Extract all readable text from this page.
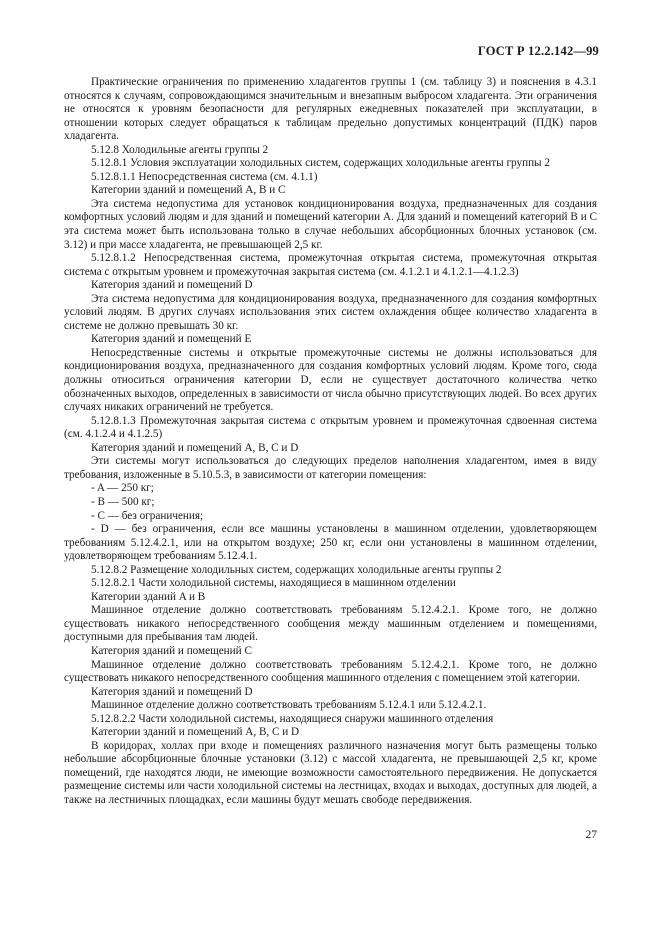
ГОСТ Р 12.2.142—99

Практические ограничения по применению хладагентов группы 1 (см. таблицу 3) и пояснения в 4.3.1 относятся к случаям, сопровождающимся значительным и внезапным выбросом хладагента. Эти ограничения не относятся к уровням безопасности для регулярных ежедневных показателей при эксплуатации, в отношении которых следует обращаться к таблицам предельно допустимых концентраций (ПДК) паров хладагента.

5.12.8 Холодильные агенты группы 2

5.12.8.1 Условия эксплуатации холодильных систем, содержащих холодильные агенты группы 2

5.12.8.1.1 Непосредственная система (см. 4.1.1)

Категории зданий и помещений A, B и C

Эта система недопустима для установок кондиционирования воздуха, предназначенных для создания комфортных условий людям и для зданий и помещений категории A. Для зданий и помещений категорий B и C эта система может быть использована только в случае небольших абсорбционных блочных установок (см. 3.12) и при массе хладагента, не превышающей 2,5 кг.

5.12.8.1.2 Непосредственная система, промежуточная открытая система, промежуточная открытая система с открытым уровнем и промежуточная закрытая система (см. 4.1.2.1 и 4.1.2.1—4.1.2.3)

Категория зданий и помещений D

Эта система недопустима для кондиционирования воздуха, предназначенного для создания комфортных условий людям. В других случаях использования этих систем охлаждения общее количество хладагента в системе не должно превышать 30 кг.

Категория зданий и помещений E

Непосредственные системы и открытые промежуточные системы не должны использоваться для кондиционирования воздуха, предназначенного для создания комфортных условий людям. Кроме того, сюда должны относиться ограничения категории D, если не существует достаточного количества четко обозначенных выходов, определенных в зависимости от числа обычно присутствующих людей. Во всех других случаях никаких ограничений не требуется.

5.12.8.1.3 Промежуточная закрытая система с открытым уровнем и промежуточная сдвоенная система (см. 4.1.2.4 и 4.1.2.5)

Категория зданий и помещений A, B, C и D

Эти системы могут использоваться до следующих пределов наполнения хладагентом, имея в виду требования, изложенные в 5.10.5.3, в зависимости от категории помещения:

- A — 250 кг;

- B — 500 кг;

- C — без ограничения;

- D — без ограничения, если все машины установлены в машинном отделении, удовлетворяющем требованиям 5.12.4.2.1, или на открытом воздухе; 250 кг, если они установлены в машинном отделении, удовлетворяющем требованиям 5.12.4.1.

5.12.8.2 Размещение холодильных систем, содержащих холодильные агенты группы 2

5.12.8.2.1 Части холодильной системы, находящиеся в машинном отделении

Категории зданий A и B

Машинное отделение должно соответствовать требованиям 5.12.4.2.1. Кроме того, не должно существовать никакого непосредственного сообщения между машинным отделением и помещениями, доступными для пребывания там людей.

Категория зданий и помещений C

Машинное отделение должно соответствовать требованиям 5.12.4.2.1. Кроме того, не должно существовать никакого непосредственного сообщения машинного отделения с помещением этой категории.

Категория зданий и помещений D

Машинное отделение должно соответствовать требованиям 5.12.4.1 или 5.12.4.2.1.

5.12.8.2.2 Части холодильной системы, находящиеся снаружи машинного отделения

Категории зданий и помещений A, B, C и D

В коридорах, холлах при входе и помещениях различного назначения могут быть размещены только небольшие абсорбционные блочные установки (3.12) с массой хладагента, не превышающей 2,5 кг, кроме помещений, где находятся люди, не имеющие возможности самостоятельного передвижения. Не допускается размещение системы или части холодильной системы на лестницах, входах и выходах, доступных для людей, а также на лестничных площадках, если машины будут мешать свободе передвижения.

27
